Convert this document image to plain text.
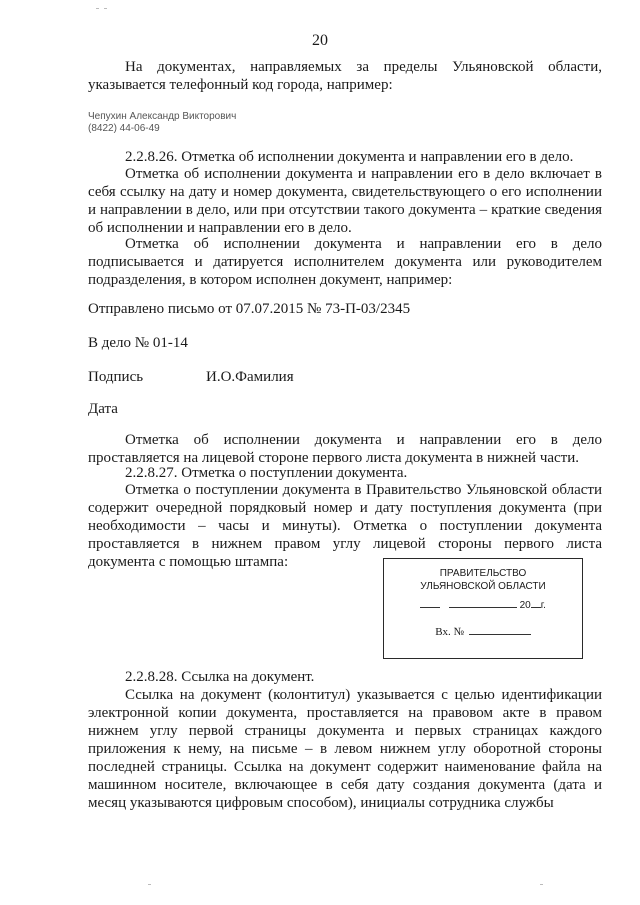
20
На документах, направляемых за пределы Ульяновской области, указывается телефонный код города, например:
Чепухин Александр Викторович
(8422) 44-06-49
2.2.8.26. Отметка об исполнении документа и направлении его в дело.
Отметка об исполнении документа и направлении его в дело включает в себя ссылку на дату и номер документа, свидетельствующего о его исполнении и направлении в дело, или при отсутствии такого документа – краткие сведения об исполнении и направлении его в дело.
Отметка об исполнении документа и направлении его в дело подписывается и датируется исполнителем документа или руководителем подразделения, в котором исполнен документ, например:
Отправлено письмо от 07.07.2015 № 73-П-03/2345
В дело № 01-14
Подпись	И.О.Фамилия
Дата
Отметка об исполнении документа и направлении его в дело проставляется на лицевой стороне первого листа документа в нижней части.
2.2.8.27. Отметка о поступлении документа.
Отметка о поступлении документа в Правительство Ульяновской области содержит очередной порядковый номер и дату поступления документа (при необходимости – часы и минуты). Отметка о поступлении документа проставляется в нижнем правом углу лицевой стороны первого листа документа с помощью штампа:
ПРАВИТЕЛЬСТВО
УЛЬЯНОВСКОЙ ОБЛАСТИ
20 г.
Вх. №
2.2.8.28. Ссылка на документ.
Ссылка на документ (колонтитул) указывается с целью идентификации электронной копии документа, проставляется на правовом акте в правом нижнем углу первой страницы документа и первых страницах каждого приложения к нему, на письме – в левом нижнем углу оборотной стороны последней страницы. Ссылка на документ содержит наименование файла на машинном носителе, включающее в себя дату создания документа (дата и месяц указываются цифровым способом), инициалы сотрудника службы
